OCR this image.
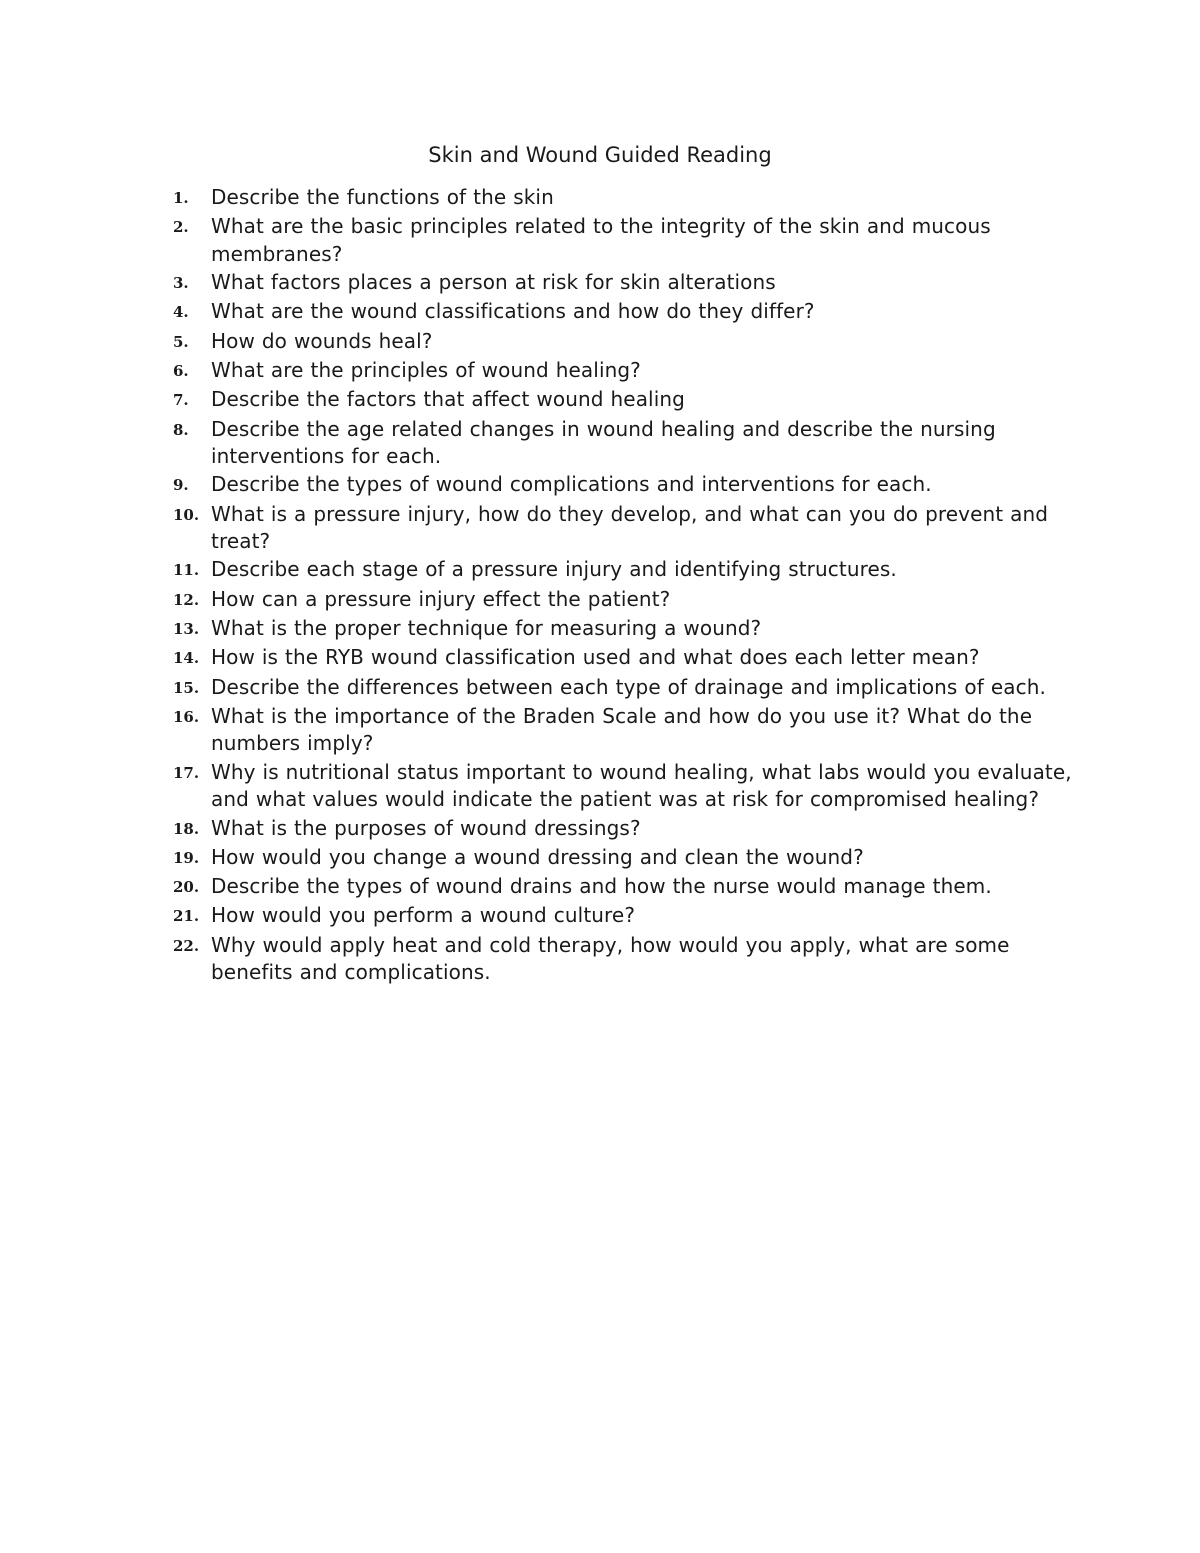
Skin and Wound Guided Reading
1.	Describe the functions of the skin
2.	What are the basic principles related to the integrity of the skin and mucous membranes?
3.	What factors places a person at risk for skin alterations
4.	What are the wound classifications and how do they differ?
5.	How do wounds heal?
6.	What are the principles of wound healing?
7.	Describe the factors that affect wound healing
8.	Describe the age related changes in wound healing and describe the nursing interventions for each.
9.	Describe the types of wound complications and interventions for each.
10. What is a pressure injury, how do they develop, and what can you do prevent and treat?
11. Describe each stage of a pressure injury and identifying structures.
12. How can a pressure injury effect the patient?
13. What is the proper technique for measuring a wound?
14. How is the RYB wound classification used and what does each letter mean?
15. Describe the differences between each type of drainage and implications of each.
16. What is the importance of the Braden Scale and how do you use it? What do the numbers imply?
17. Why is nutritional status important to wound healing, what labs would you evaluate, and what values would indicate the patient was at risk for compromised healing?
18. What is the purposes of wound dressings?
19. How would you change a wound dressing and clean the wound?
20. Describe the types of wound drains and how the nurse would manage them.
21. How would you perform a wound culture?
22. Why would apply heat and cold therapy, how would you apply, what are some benefits and complications.
